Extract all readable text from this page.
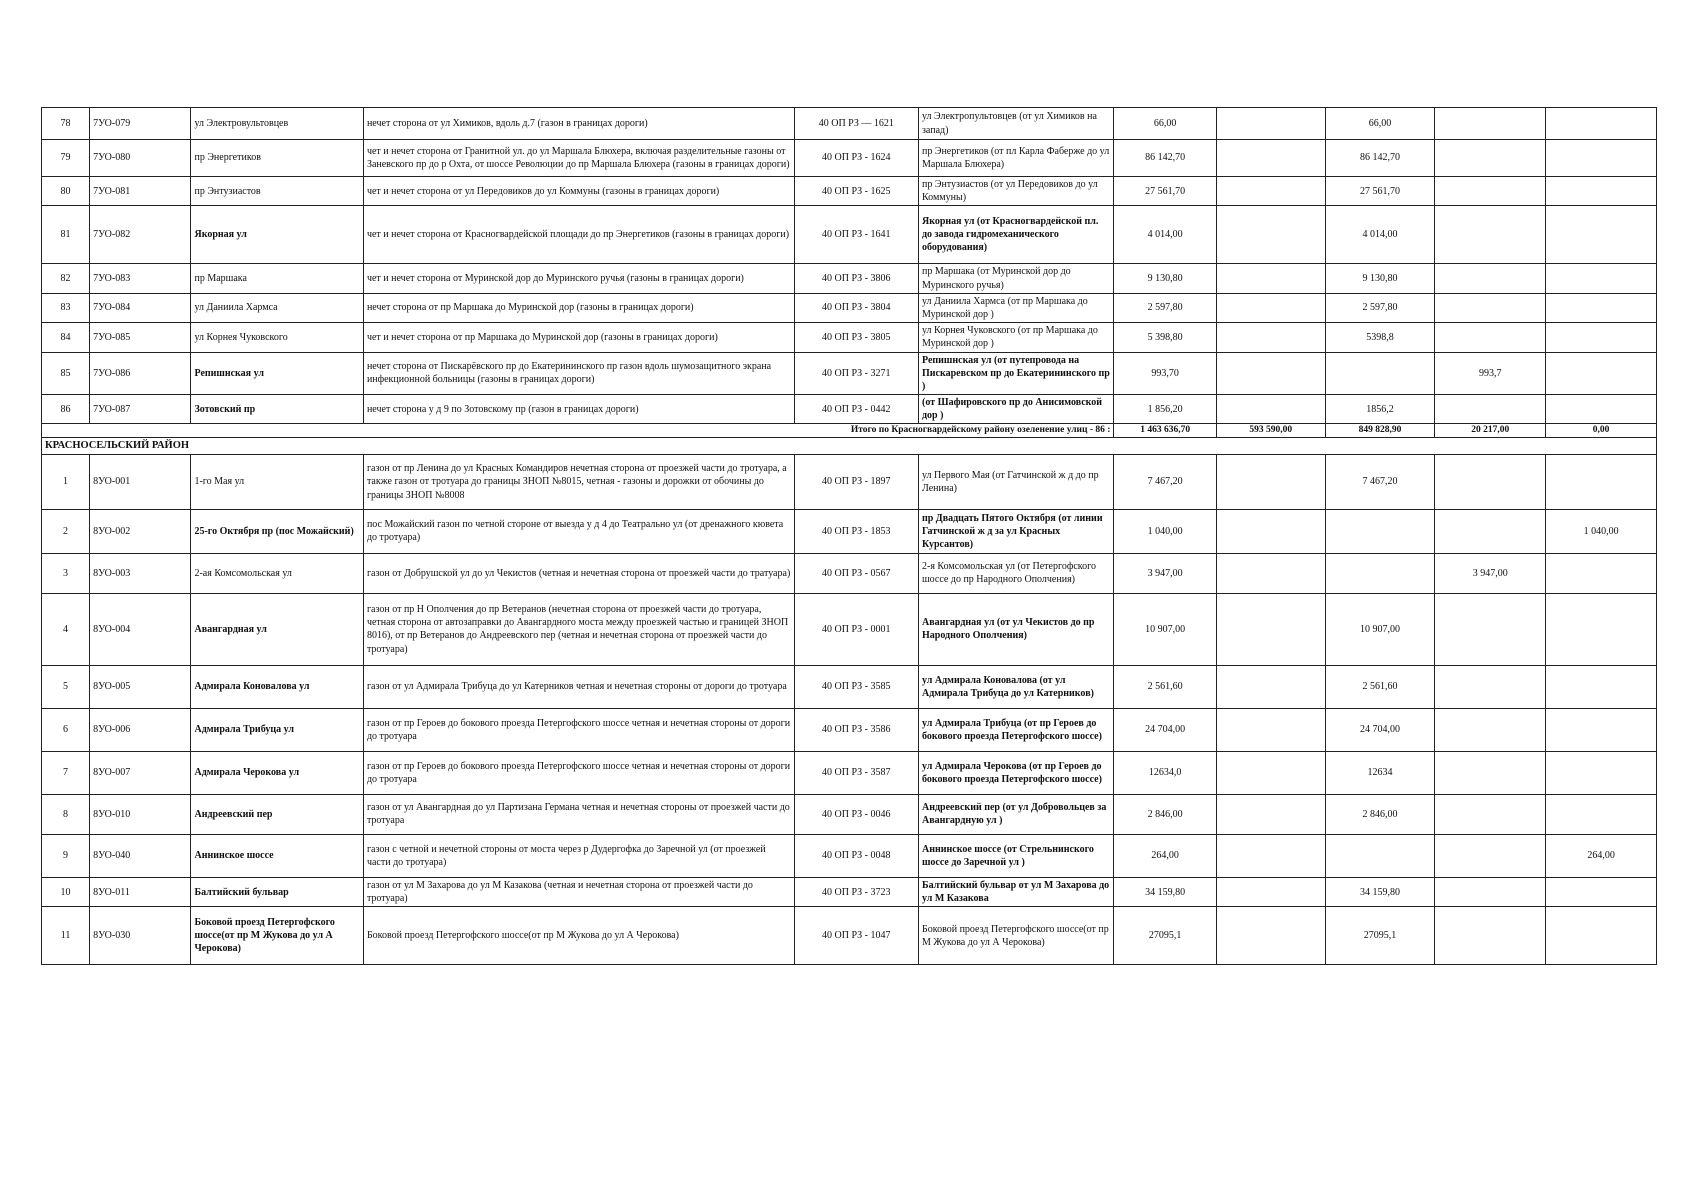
78	7УО-079	ул Электровультовцев	нечет сторона от ул Химиков, вдоль д.7 (газон в границах дороги)	40 ОП РЗ — 1621	ул Электропультовцев (от ул Химиков на запад)	66,00		66,00		
79	7УО-080	пр Энергетиков	чет и нечет сторона от Гранитной ул. до ул Маршала Блюхера, включая разделительные газоны от Заневского пр до р Охта, от шоссе Революции до пр Маршала Блюхера (газоны в границах дороги)	40 ОП РЗ - 1624	пр Энергетиков (от пл Карла Фаберже до ул Маршала Блюхера)	86 142,70		86 142,70		
80	7УО-081	пр Энтузиастов	чет и нечет сторона от ул Передовиков до ул Коммуны (газоны в границах дороги)	40 ОП РЗ - 1625	пр Энтузиастов (от ул Передовиков до ул Коммуны)	27 561,70		27 561,70		
81	7УО-082	Якорная ул	чет и нечет сторона от Красногвардейской площади до пр Энергетиков (газоны в границах дороги)	40 ОП РЗ - 1641	Якорная ул (от Красногвардейской пл. до завода гидромеханического оборудования)	4 014,00		4 014,00		
82	7УО-083	пр Маршака	чет и нечет сторона от Муринской дор до Муринского ручья (газоны в границах дороги)	40 ОП РЗ - 3806	пр Маршака (от Муринской дор до Муринского ручья)	9 130,80		9 130,80		
83	7УО-084	ул Даниила Хармса	нечет сторона от пр Маршака до Муринской дор (газоны в границах дороги)	40 ОП РЗ - 3804	ул Даниила Хармса (от пр Маршака до Муринской дор )	2 597,80		2 597,80		
84	7УО-085	ул Корнея Чуковского	чет и нечет сторона от пр Маршака до Муринской дор (газоны в границах дороги)	40 ОП РЗ - 3805	ул Корнея Чуковского (от пр Маршака до Муринской дор )	5 398,80		5398,8		
85	7УО-086	Репишнская ул	нечет сторона от Пискарёвского пр до Екатерининского пр газон вдоль шумозащитного экрана инфекционной больницы (газоны в границах дороги)	40 ОП РЗ - 3271	Репишнская ул (от путепровода на Пискаревском пр до Екатерининского пр )	993,70			993,7	
86	7УО-087	Зотовский пр	нечет сторона у д 9 по Зотовскому пр (газон в границах дороги)	40 ОП РЗ - 0442	(от Шафировского пр до Анисимовской дор )	1 856,20		1856,2		
Итого по Красногвардейскому району озеленение улиц - 86 :						1 463 636,70	593 590,00	849 828,90	20 217,00	0,00
КРАСНОСЕЛЬСКИЙ РАЙОН										
1	8УО-001	1-го Мая ул	газон от пр Ленина до ул Красных Командиров нечетная сторона от проезжей части до тротуара, а также газон от тротуара до границы ЗНОП №8015, четная - газоны и дорожки от обочины до границы ЗНОП №8008	40 ОП РЗ - 1897	ул Первого Мая (от Гатчинской ж д до пр Ленина)	7 467,20		7 467,20		
2	8УО-002	25-го Октября пр (пос Можайский)	пос Можайский газон по четной стороне от выезда у д 4 до Театрально ул (от дренажного кювета до тротуара)	40 ОП РЗ - 1853	пр Двадцать Пятого Октября (от линии Гатчинской ж д за ул Красных Курсантов)	1 040,00				1 040,00
3	8УО-003	2-ая Комсомольская ул	газон от Добрушской ул до ул Чекистов (четная и нечетная сторона от проезжей части до тратуара)	40 ОП РЗ - 0567	2-я Комсомольская ул (от Петергофского шоссе до пр Народного Ополчения)	3 947,00			3 947,00	
4	8УО-004	Авангардная ул	газон от пр Н Ополчения до пр Ветеранов (нечетная сторона от проезжей части до тротуара, четная сторона от автозаправки до Авангардного моста между проезжей частью и границей ЗНОП 8016), от пр Ветеранов до Андреевского пер (четная и нечетная сторона от проезжей части до тротуара)	40 ОП РЗ - 0001	Авангардная ул (от ул Чекистов до пр Народного Ополчения)	10 907,00		10 907,00		
5	8УО-005	Адмирала Коновалова ул	газон от ул Адмирала Трибуца до ул Катерников четная и нечетная стороны от дороги до тротуара	40 ОП РЗ - 3585	ул Адмирала Коновалова (от ул Адмирала Трибуца до ул Катерников)	2 561,60		2 561,60		
6	8УО-006	Адмирала Трибуца ул	газон от пр Героев до бокового проезда Петергофского шоссе четная и нечетная стороны от дороги до тротуара	40 ОП РЗ - 3586	ул Адмирала Трибуца (от пр Героев до бокового проезда Петергофского шоссе)	24 704,00		24 704,00		
7	8УО-007	Адмирала Черокова ул	газон от пр Героев до бокового проезда Петергофского шоссе четная и нечетная стороны от дороги до тротуара	40 ОП РЗ - 3587	ул Адмирала Черокова (от пр Героев до бокового проезда Петергофского шоссе)	12634,0		12634		
8	8УО-010	Андреевский пер	газон от ул Авангардная до ул Партизана Германа четная и нечетная стороны от проезжей части до тротуара	40 ОП РЗ - 0046	Андреевский пер (от ул Добровольцев за Авангардную ул )	2 846,00		2 846,00		
9	8УО-040	Аннинское шоссе	газон с четной и нечетной стороны от моста через р Дудергофка до Заречной ул (от проезжей части до тротуара)	40 ОП РЗ - 0048	Аннинское шоссе (от Стрельнинского шоссе до Заречной ул )	264,00				264,00
10	8УО-011	Балтийский бульвар	газон от ул М Захарова до ул М Казакова (четная и нечетная сторона от проезжей части до тротуара)	40 ОП РЗ - 3723	Балтийский бульвар от ул М Захарова до ул М Казакова	34 159,80		34 159,80		
11	8УО-030	Боковой проезд Петергофского шоссе(от пр М Жукова до ул А Черокова)	Боковой проезд Петергофского шоссе(от пр М Жукова до ул А Черокова)	40 ОП РЗ - 1047	Боковой проезд Петергофского шоссе(от пр М Жукова до ул А Черокова)	27095,1		27095,1		
